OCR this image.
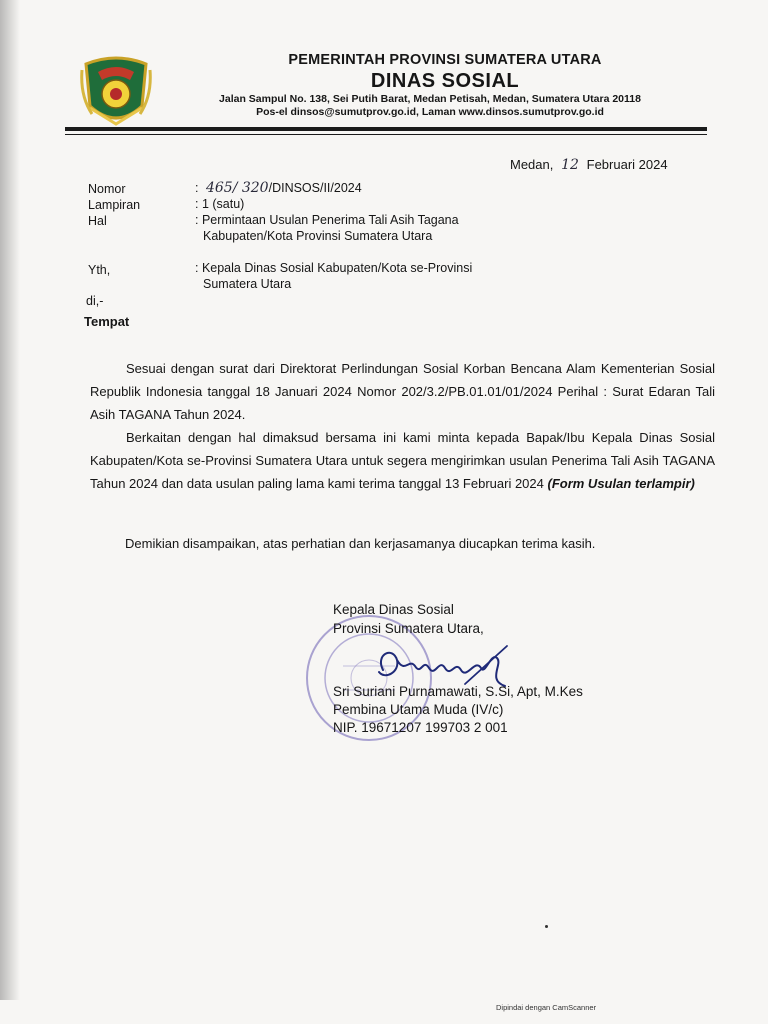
PEMERINTAH PROVINSI SUMATERA UTARA
DINAS SOSIAL
Jalan Sampul No. 138, Sei Putih Barat, Medan Petisah, Medan, Sumatera Utara 20118
Pos-el dinsos@sumutprov.go.id, Laman www.dinsos.sumutprov.go.id
Medan, 12 Februari 2024
Nomor	: 465/ 320/DINSOS/II/2024
Lampiran	: 1 (satu)
Hal	: Permintaan Usulan Penerima Tali Asih Tagana
Kabupaten/Kota Provinsi Sumatera Utara
Yth,	: Kepala Dinas Sosial Kabupaten/Kota se-Provinsi
Sumatera Utara
di,-
Tempat

Sesuai dengan surat dari Direktorat Perlindungan Sosial Korban Bencana Alam Kementerian Sosial Republik Indonesia tanggal 18 Januari 2024 Nomor 202/3.2/PB.01.01/01/2024 Perihal : Surat Edaran Tali Asih TAGANA Tahun 2024.

Berkaitan dengan hal dimaksud bersama ini kami minta kepada Bapak/Ibu Kepala Dinas Sosial Kabupaten/Kota se-Provinsi Sumatera Utara untuk segera mengirimkan usulan Penerima Tali Asih TAGANA Tahun 2024 dan data usulan paling lama kami terima tanggal 13 Februari 2024 (Form Usulan terlampir)

Demikian disampaikan, atas perhatian dan kerjasamanya diucapkan terima kasih.
Kepala Dinas Sosial
Provinsi Sumatera Utara,
Sri Suriani Purnamawati, S.Si, Apt, M.Kes
Pembina Utama Muda (IV/c)
NIP. 19671207 199703 2 001
Dipindai dengan CamScanner
